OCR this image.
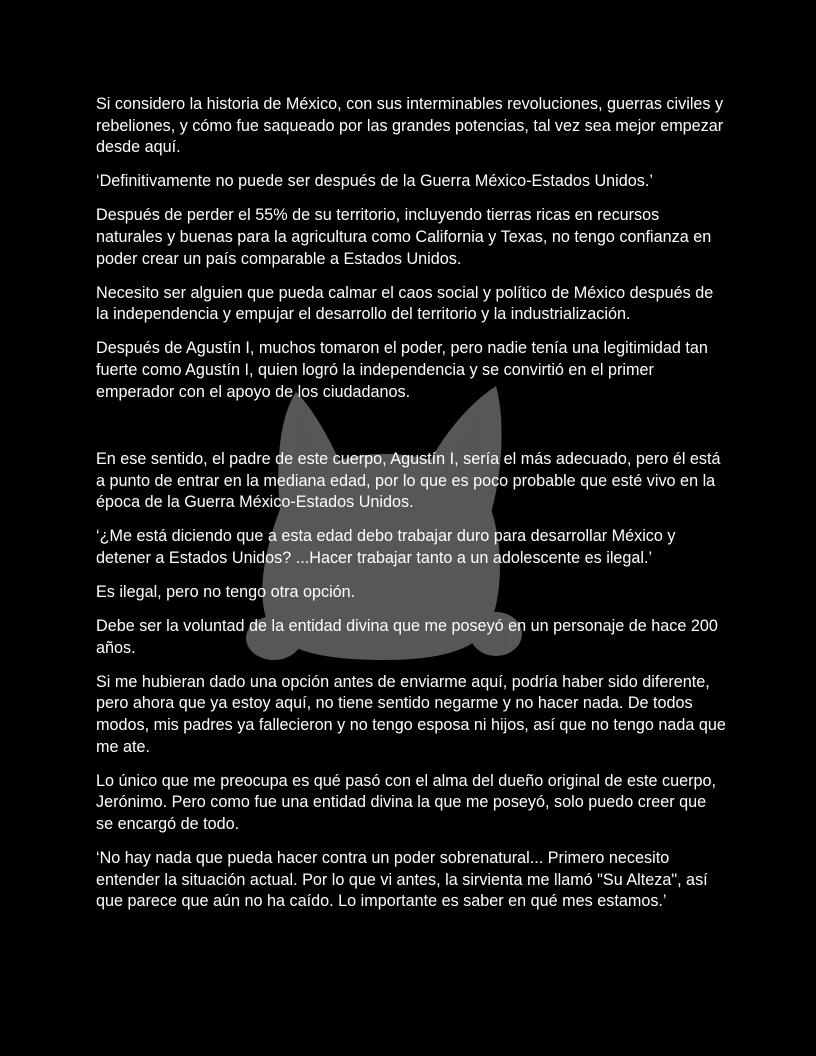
Si considero la historia de México, con sus interminables revoluciones, guerras civiles y rebeliones, y cómo fue saqueado por las grandes potencias, tal vez sea mejor empezar desde aquí.

‘Definitivamente no puede ser después de la Guerra México-Estados Unidos.’

Después de perder el 55% de su territorio, incluyendo tierras ricas en recursos naturales y buenas para la agricultura como California y Texas, no tengo confianza en poder crear un país comparable a Estados Unidos.

Necesito ser alguien que pueda calmar el caos social y político de México después de la independencia y empujar el desarrollo del territorio y la industrialización.

Después de Agustín I, muchos tomaron el poder, pero nadie tenía una legitimidad tan fuerte como Agustín I, quien logró la independencia y se convirtió en el primer emperador con el apoyo de los ciudadanos.

En ese sentido, el padre de este cuerpo, Agustín I, sería el más adecuado, pero él está a punto de entrar en la mediana edad, por lo que es poco probable que esté vivo en la época de la Guerra México-Estados Unidos.

‘¿Me está diciendo que a esta edad debo trabajar duro para desarrollar México y detener a Estados Unidos? ...Hacer trabajar tanto a un adolescente es ilegal.’

Es ilegal, pero no tengo otra opción.

Debe ser la voluntad de la entidad divina que me poseyó en un personaje de hace 200 años.

Si me hubieran dado una opción antes de enviarme aquí, podría haber sido diferente, pero ahora que ya estoy aquí, no tiene sentido negarme y no hacer nada. De todos modos, mis padres ya fallecieron y no tengo esposa ni hijos, así que no tengo nada que me ate.

Lo único que me preocupa es qué pasó con el alma del dueño original de este cuerpo, Jerónimo. Pero como fue una entidad divina la que me poseyó, solo puedo creer que se encargó de todo.

‘No hay nada que pueda hacer contra un poder sobrenatural... Primero necesito entender la situación actual. Por lo que vi antes, la sirvienta me llamó "Su Alteza", así que parece que aún no ha caído. Lo importante es saber en qué mes estamos.’
